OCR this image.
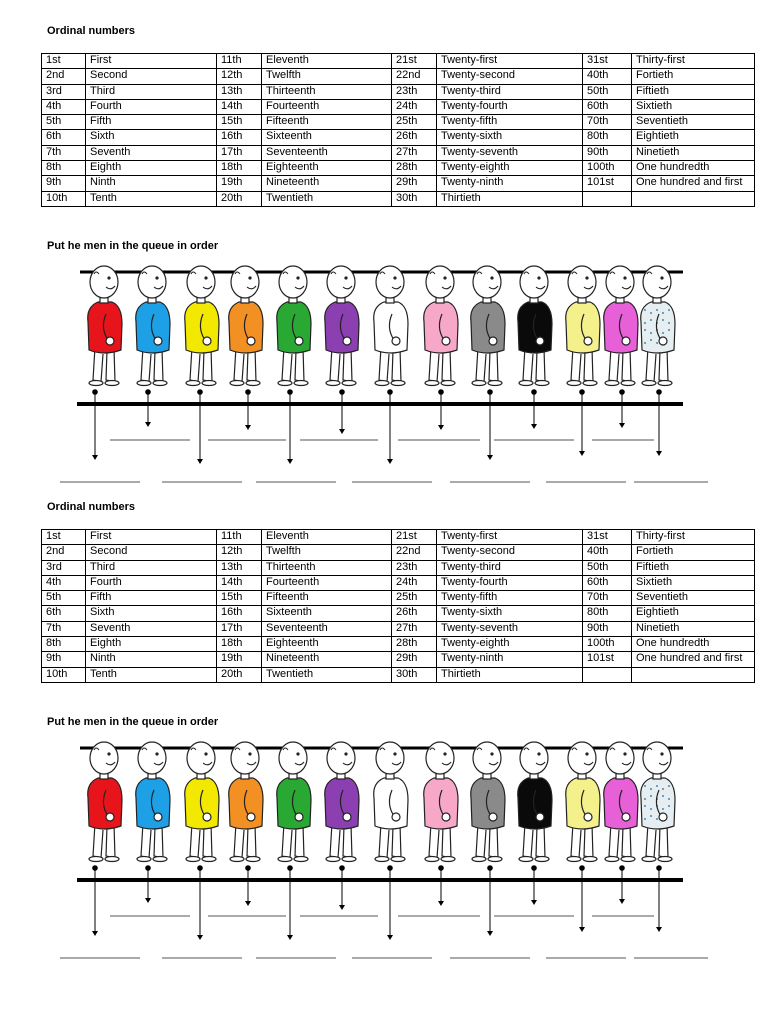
Ordinal numbers

1st	First	11th	Eleventh	21st	Twenty-first	31st	Thirty-first
2nd	Second	12th	Twelfth	22nd	Twenty-second	40th	Fortieth
3rd	Third	13th	Thirteenth	23th	Twenty-third	50th	Fiftieth
4th	Fourth	14th	Fourteenth	24th	Twenty-fourth	60th	Sixtieth
5th	Fifth	15th	Fifteenth	25th	Twenty-fifth	70th	Seventieth
6th	Sixth	16th	Sixteenth	26th	Twenty-sixth	80th	Eightieth
7th	Seventh	17th	Seventeenth	27th	Twenty-seventh	90th	Ninetieth
8th	Eighth	18th	Eighteenth	28th	Twenty-eighth	100th	One hundredth
9th	Ninth	19th	Nineteenth	29th	Twenty-ninth	101st	One hundred and first
10th	Tenth	20th	Twentieth	30th	Thirtieth		

Put he men in the queue in order

Ordinal numbers

1st	First	11th	Eleventh	21st	Twenty-first	31st	Thirty-first
2nd	Second	12th	Twelfth	22nd	Twenty-second	40th	Fortieth
3rd	Third	13th	Thirteenth	23th	Twenty-third	50th	Fiftieth
4th	Fourth	14th	Fourteenth	24th	Twenty-fourth	60th	Sixtieth
5th	Fifth	15th	Fifteenth	25th	Twenty-fifth	70th	Seventieth
6th	Sixth	16th	Sixteenth	26th	Twenty-sixth	80th	Eightieth
7th	Seventh	17th	Seventeenth	27th	Twenty-seventh	90th	Ninetieth
8th	Eighth	18th	Eighteenth	28th	Twenty-eighth	100th	One hundredth
9th	Ninth	19th	Nineteenth	29th	Twenty-ninth	101st	One hundred and first
10th	Tenth	20th	Twentieth	30th	Thirtieth		

Put he men in the queue in order
